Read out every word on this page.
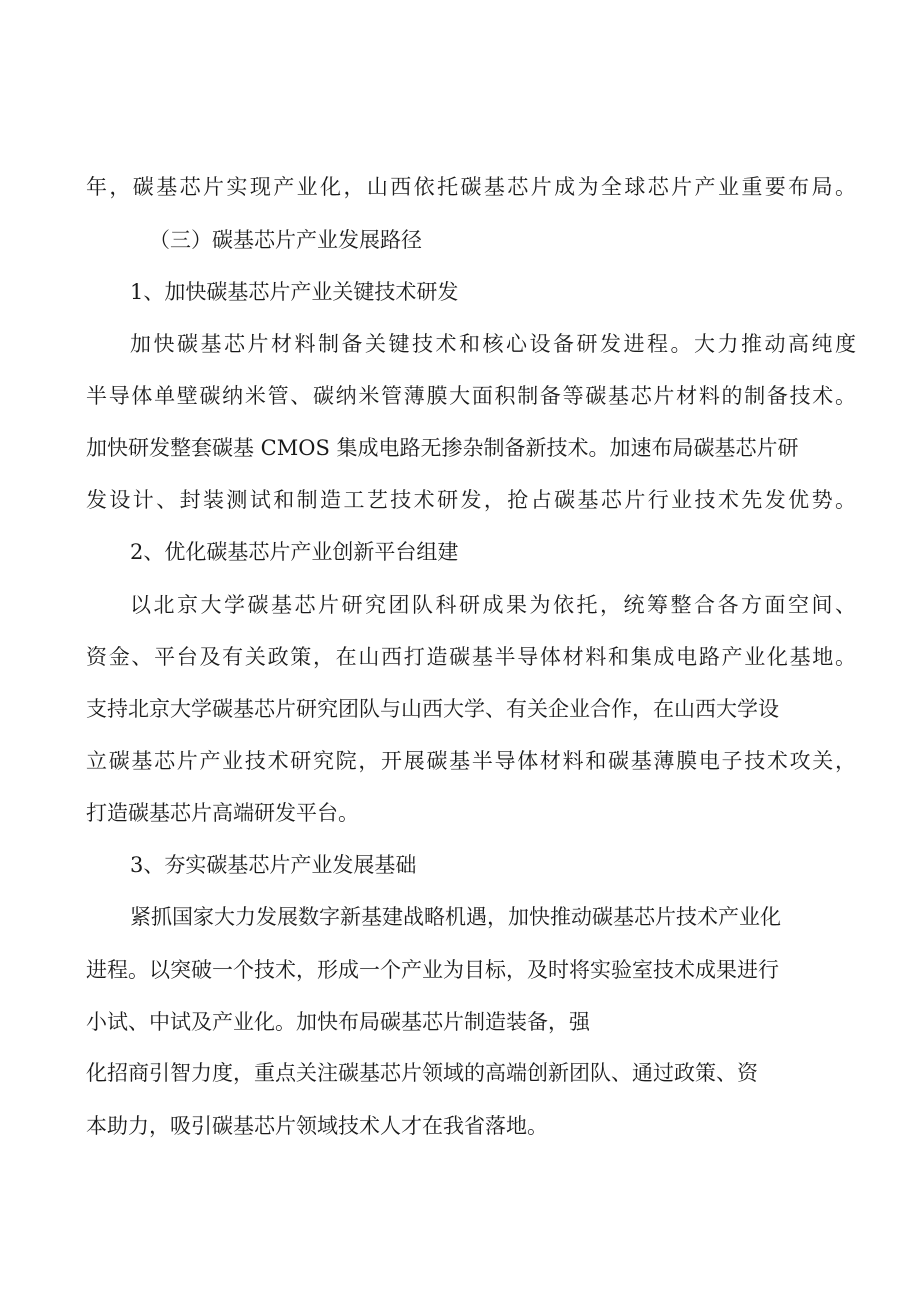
年，碳基芯片实现产业化，山西依托碳基芯片成为全球芯片产业重要布局。

（三）碳基芯片产业发展路径

1、加快碳基芯片产业关键技术研发

加快碳基芯片材料制备关键技术和核心设备研发进程。大力推动高纯度

半导体单壁碳纳米管、碳纳米管薄膜大面积制备等碳基芯片材料的制备技术。

加快研发整套碳基 CMOS 集成电路无掺杂制备新技术。加速布局碳基芯片研

发设计、封装测试和制造工艺技术研发，抢占碳基芯片行业技术先发优势。

2、优化碳基芯片产业创新平台组建

以北京大学碳基芯片研究团队科研成果为依托，统筹整合各方面空间、

资金、平台及有关政策，在山西打造碳基半导体材料和集成电路产业化基地。

支持北京大学碳基芯片研究团队与山西大学、有关企业合作，在山西大学设

立碳基芯片产业技术研究院，开展碳基半导体材料和碳基薄膜电子技术攻关，

打造碳基芯片高端研发平台。

3、夯实碳基芯片产业发展基础

紧抓国家大力发展数字新基建战略机遇，加快推动碳基芯片技术产业化

进程。以突破一个技术，形成一个产业为目标，及时将实验室技术成果进行

小试、中试及产业化。加快布局碳基芯片制造装备，强

化招商引智力度，重点关注碳基芯片领域的高端创新团队、通过政策、资

本助力，吸引碳基芯片领域技术人才在我省落地。
